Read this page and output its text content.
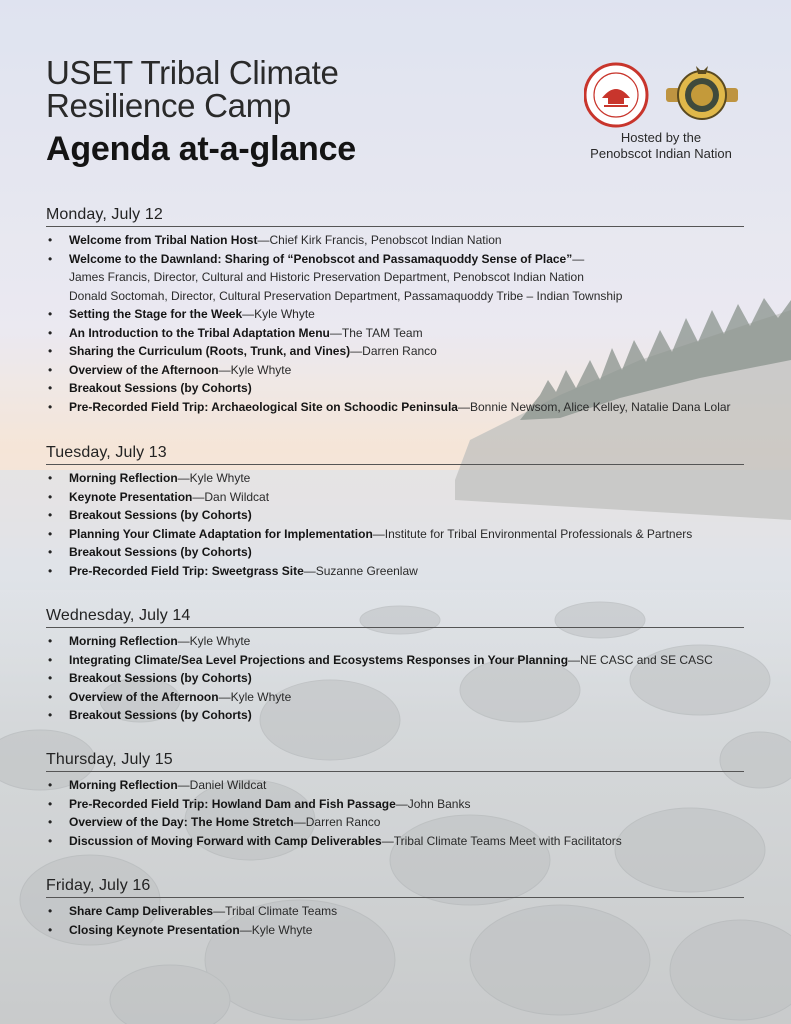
USET Tribal Climate
Resilience Camp
Agenda at-a-glance	Hosted by the
Penobscot Indian Nation
Monday, July 12
• Welcome from Tribal Nation Host—Chief Kirk Francis, Penobscot Indian Nation
• Welcome to the Dawnland: Sharing of “Penobscot and Passamaquoddy Sense of Place”—
James Francis, Director, Cultural and Historic Preservation Department, Penobscot Indian Nation
Donald Soctomah, Director, Cultural Preservation Department, Passamaquoddy Tribe – Indian Township
• Setting the Stage for the Week—Kyle Whyte
• An Introduction to the Tribal Adaptation Menu—The TAM Team
• Sharing the Curriculum (Roots, Trunk, and Vines)—Darren Ranco
• Overview of the Afternoon—Kyle Whyte
• Breakout Sessions (by Cohorts)
• Pre-Recorded Field Trip: Archaeological Site on Schoodic Peninsula—Bonnie Newsom, Alice Kelley, Natalie Dana Lolar
Tuesday, July 13
• Morning Reflection—Kyle Whyte
• Keynote Presentation—Dan Wildcat
• Breakout Sessions (by Cohorts)
• Planning Your Climate Adaptation for Implementation—Institute for Tribal Environmental Professionals & Partners
• Breakout Sessions (by Cohorts)
• Pre-Recorded Field Trip: Sweetgrass Site—Suzanne Greenlaw
Wednesday, July 14
• Morning Reflection—Kyle Whyte
• Integrating Climate/Sea Level Projections and Ecosystems Responses in Your Planning—NE CASC and SE CASC
• Breakout Sessions (by Cohorts)
• Overview of the Afternoon—Kyle Whyte
• Breakout Sessions (by Cohorts)
Thursday, July 15
• Morning Reflection—Daniel Wildcat
• Pre-Recorded Field Trip: Howland Dam and Fish Passage—John Banks
• Overview of the Day: The Home Stretch—Darren Ranco
• Discussion of Moving Forward with Camp Deliverables—Tribal Climate Teams Meet with Facilitators
Friday, July 16
• Share Camp Deliverables—Tribal Climate Teams
• Closing Keynote Presentation—Kyle Whyte
